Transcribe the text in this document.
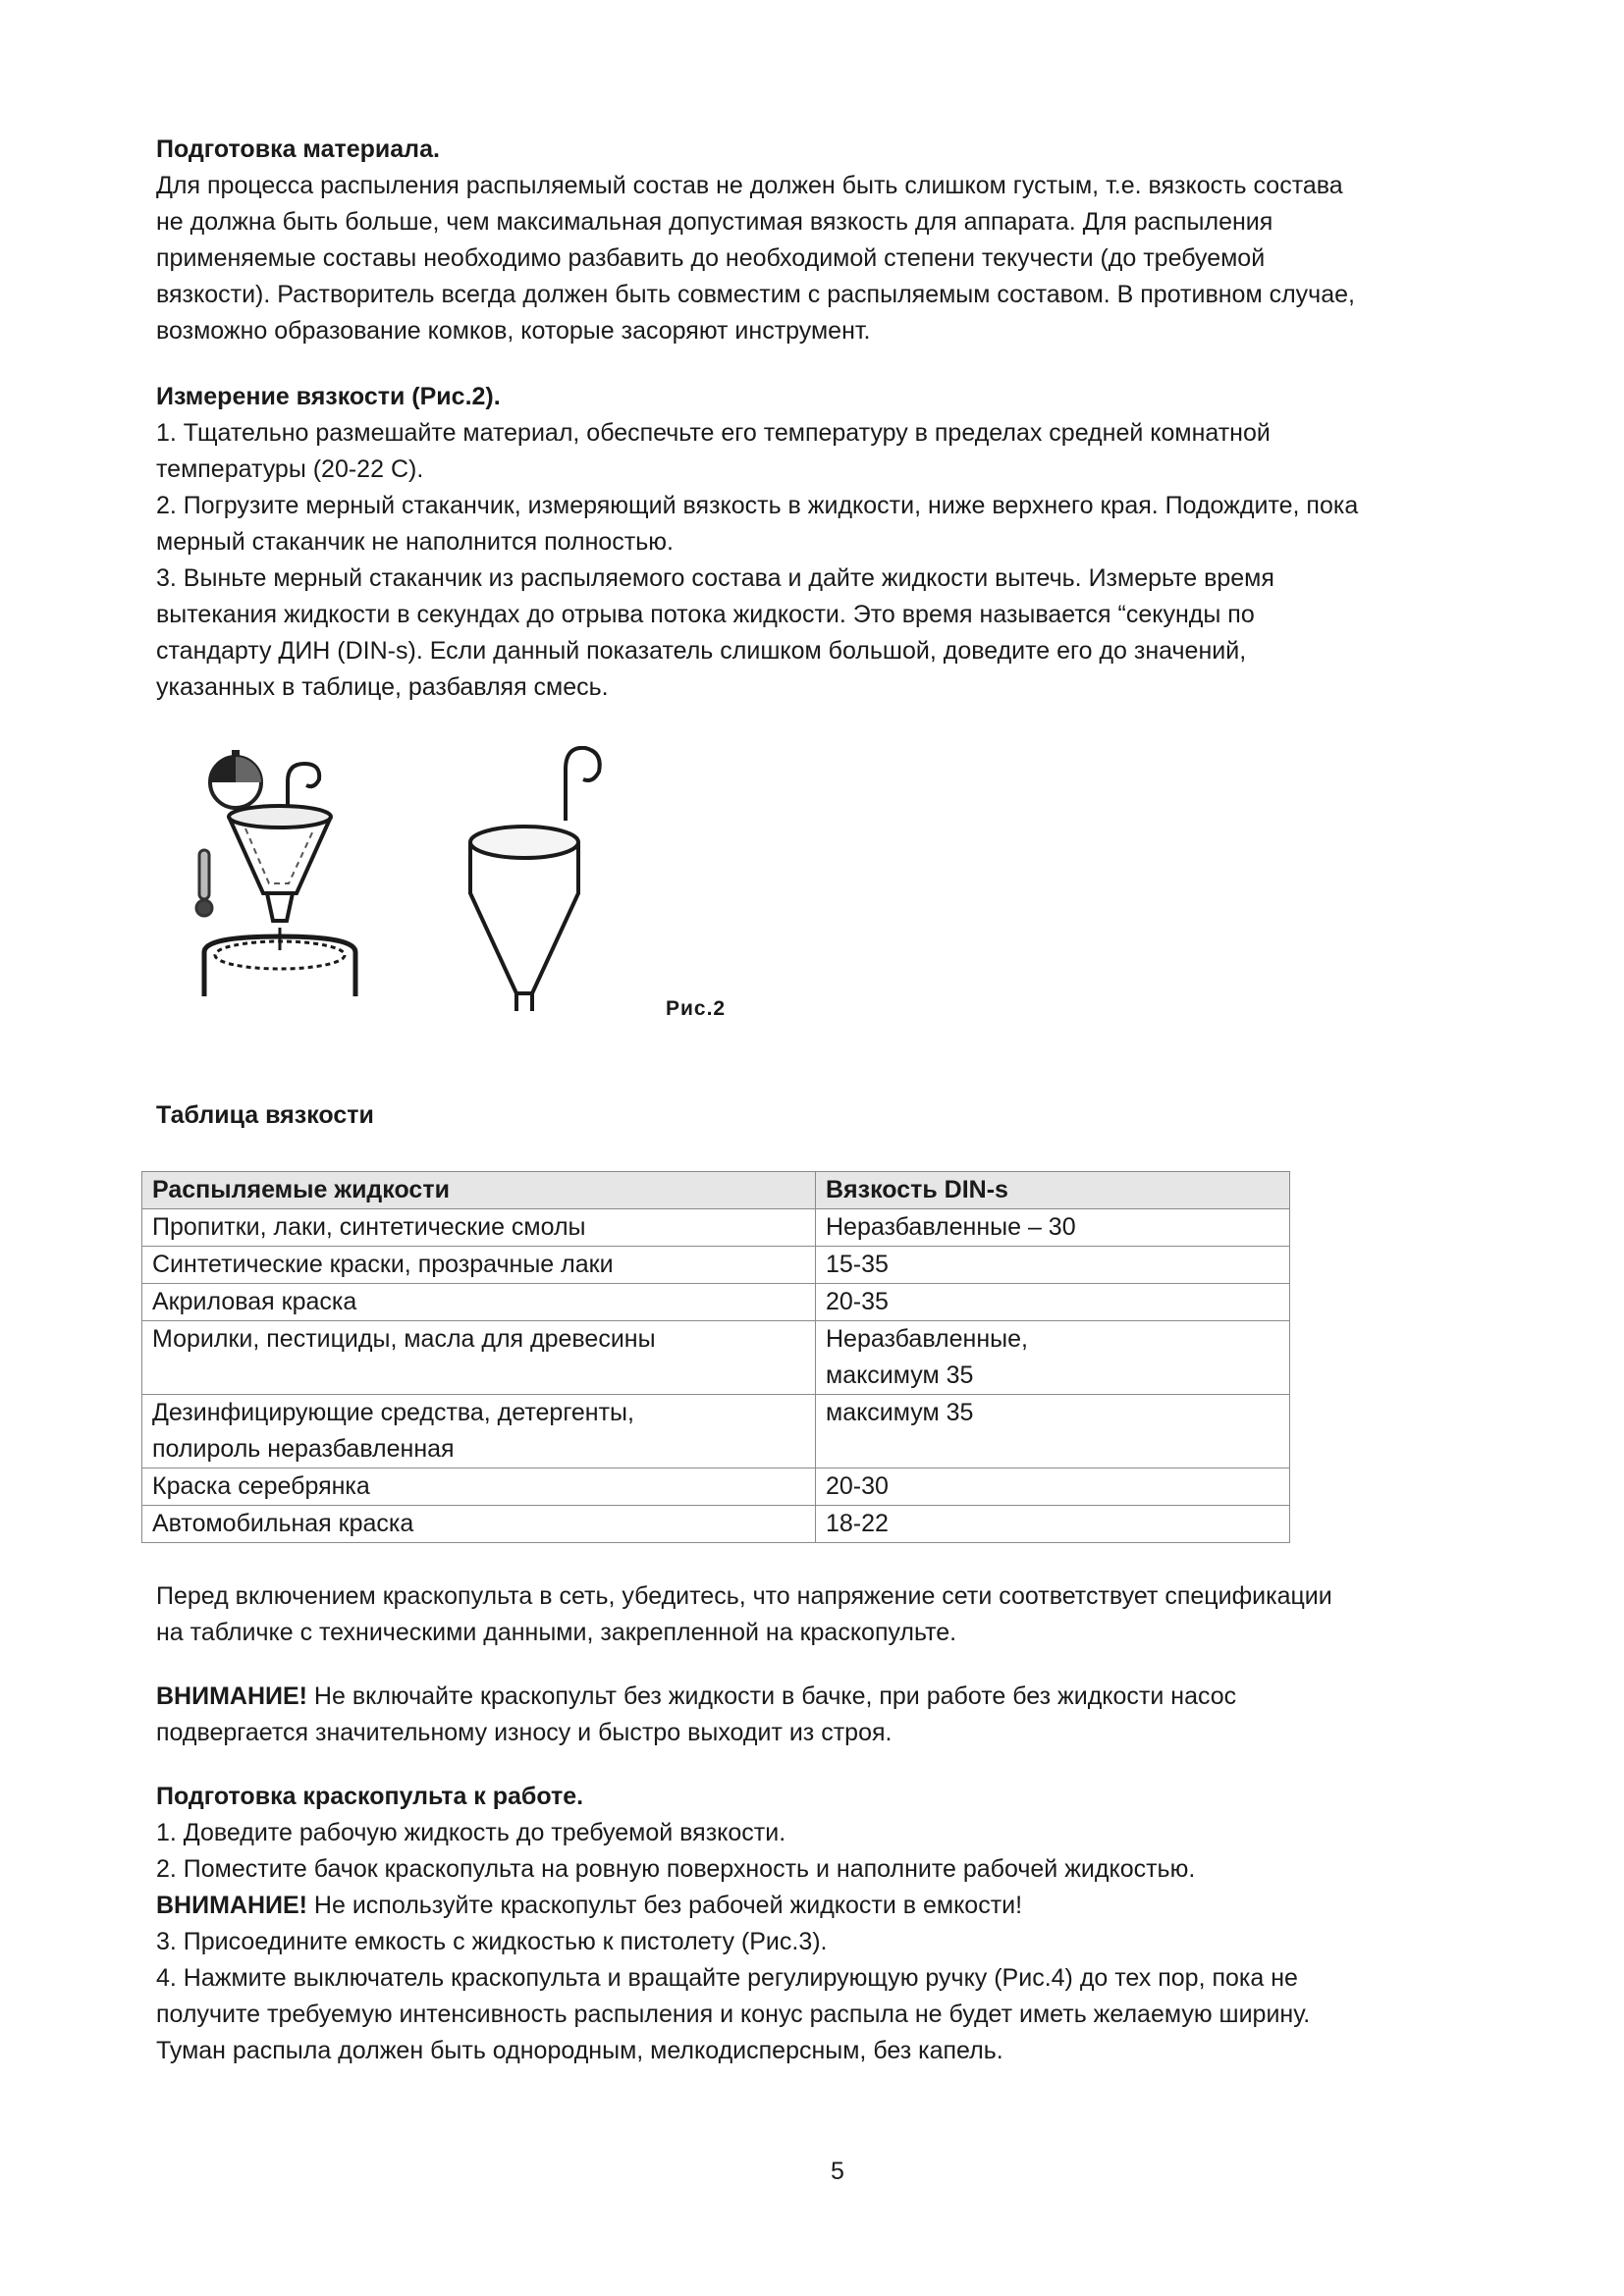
Подготовка материала.

Для процесса распыления распыляемый состав не должен быть слишком густым, т.е. вязкость состава

не должна быть больше, чем максимальная допустимая вязкость для аппарата. Для распыления

применяемые составы необходимо разбавить до необходимой степени текучести (до требуемой

вязкости). Растворитель всегда должен быть совместим с распыляемым составом. В противном случае,

возможно образование комков, которые засоряют инструмент.

Измерение вязкости (Рис.2).

1. Тщательно размешайте материал, обеспечьте его температуру в пределах средней комнатной

температуры (20-22 С).

2. Погрузите мерный стаканчик, измеряющий вязкость в жидкости, ниже верхнего края. Подождите, пока

мерный стаканчик не наполнится полностью.

3. Выньте мерный стаканчик из распыляемого состава и дайте жидкости вытечь. Измерьте время

вытекания жидкости в секундах до отрыва потока жидкости. Это время называется “секунды по

стандарту ДИН (DIN-s). Если данный показатель слишком большой, доведите его до значений,

указанных в таблице, разбавляя смесь.

Рис.2
Таблица вязкости
Распыляемые жидкости	Вязкость DIN-s
Пропитки, лаки, синтетические смолы	Неразбавленные – 30
Синтетические краски, прозрачные лаки	15-35
Акриловая краска	20-35

Морилки, пестициды, масла для древесины	Неразбавленные,
максимум 35

Дезинфицирующие средства, детергенты,
полироль неразбавленная	максимум 35

Краска серебрянка	20-30
Автомобильная краска	18-22

Перед включением краскопульта в сеть, убедитесь, что напряжение сети соответствует спецификации

на табличке с техническими данными, закрепленной на краскопульте.

ВНИМАНИЕ! Не включайте краскопульт без жидкости в бачке, при работе без жидкости насос

подвергается значительному износу и быстро выходит из строя.

Подготовка краскопульта к работе.

1. Доведите рабочую жидкость до требуемой вязкости.

2. Поместите бачок краскопульта на ровную поверхность и наполните рабочей жидкостью.

ВНИМАНИЕ! Не используйте краскопульт без рабочей жидкости в емкости!

3. Присоедините емкость с жидкостью к пистолету (Рис.3).

4. Нажмите выключатель краскопульта и вращайте регулирующую ручку (Рис.4) до тех пор, пока не

получите требуемую интенсивность распыления и конус распыла не будет иметь желаемую ширину.

Туман распыла должен быть однородным, мелкодисперсным, без капель.

5
